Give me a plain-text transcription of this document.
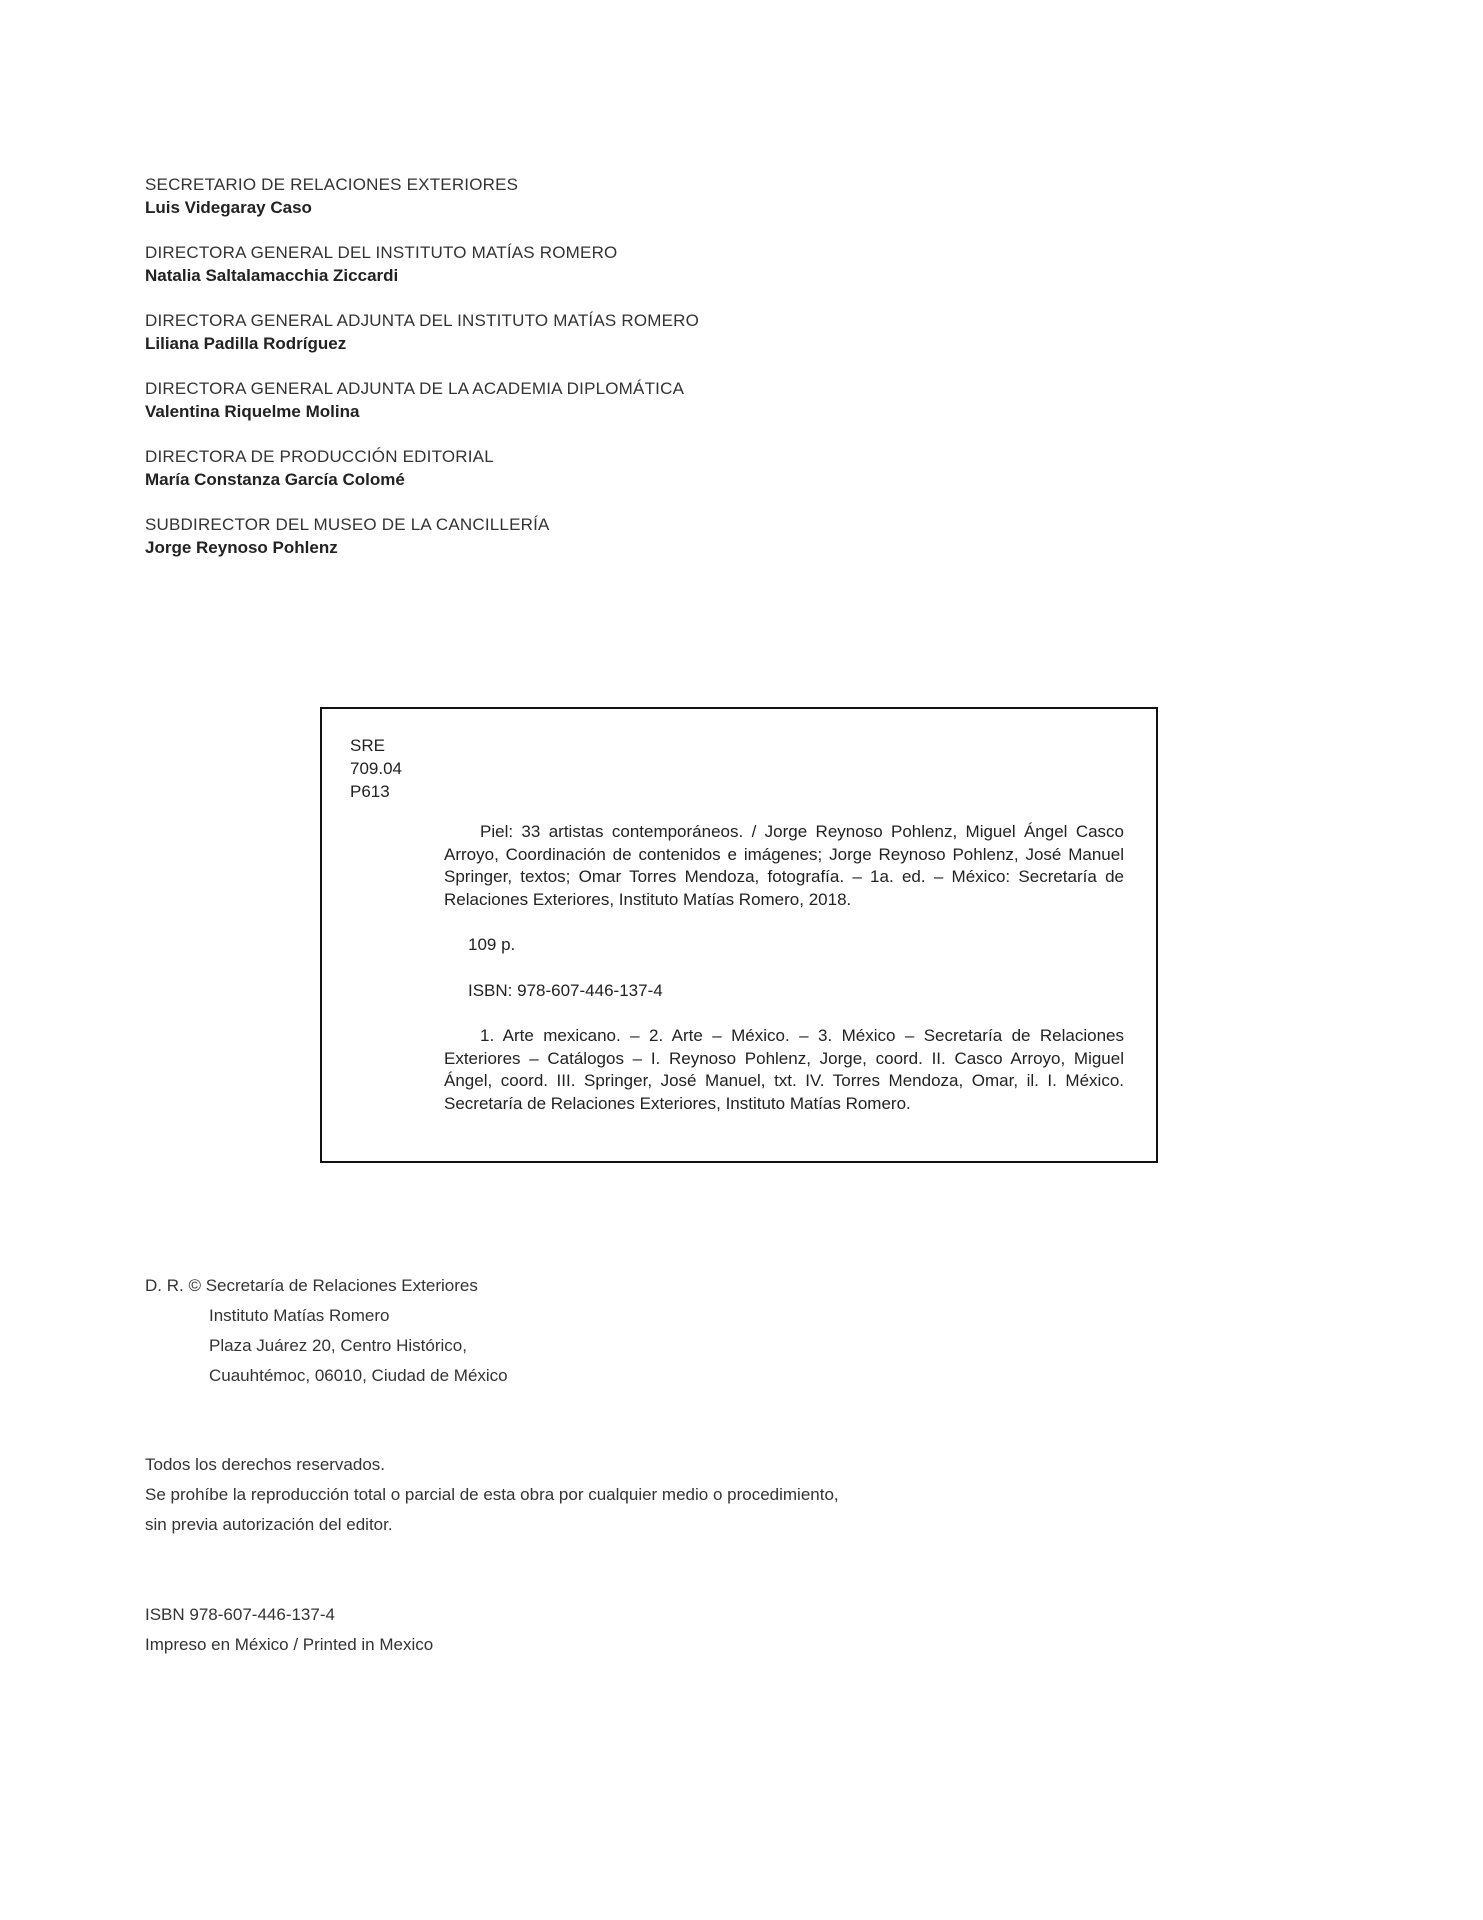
SECRETARIO DE RELACIONES EXTERIORES
Luis Videgaray Caso
DIRECTORA GENERAL DEL INSTITUTO MATÍAS ROMERO
Natalia Saltalamacchia Ziccardi
DIRECTORA GENERAL ADJUNTA DEL INSTITUTO MATÍAS ROMERO
Liliana Padilla Rodríguez
DIRECTORA GENERAL ADJUNTA DE LA ACADEMIA DIPLOMÁTICA
Valentina Riquelme Molina
DIRECTORA DE PRODUCCIÓN EDITORIAL
María Constanza García Colomé
SUBDIRECTOR DEL MUSEO DE LA CANCILLERÍA
Jorge Reynoso Pohlenz
SRE
709.04
P613
Piel: 33 artistas contemporáneos. / Jorge Reynoso Pohlenz, Miguel Ángel Casco Arroyo, Coordinación de contenidos e imágenes; Jorge Reynoso Pohlenz, José Manuel Springer, textos; Omar Torres Mendoza, fotografía. – 1a. ed. – México: Secretaría de Relaciones Exteriores, Instituto Matías Romero, 2018.
109 p.
ISBN: 978-607-446-137-4
1. Arte mexicano. – 2. Arte – México. – 3. México – Secretaría de Relaciones Exteriores – Catálogos – I. Reynoso Pohlenz, Jorge, coord. II. Casco Arroyo, Miguel Ángel, coord. III. Springer, José Manuel, txt. IV. Torres Mendoza, Omar, il. I. México. Secretaría de Relaciones Exteriores, Instituto Matías Romero.
D. R. © Secretaría de Relaciones Exteriores
Instituto Matías Romero
Plaza Juárez 20, Centro Histórico,
Cuauhtémoc, 06010, Ciudad de México
Todos los derechos reservados.
Se prohíbe la reproducción total o parcial de esta obra por cualquier medio o procedimiento,
sin previa autorización del editor.
ISBN 978-607-446-137-4
Impreso en México / Printed in Mexico
